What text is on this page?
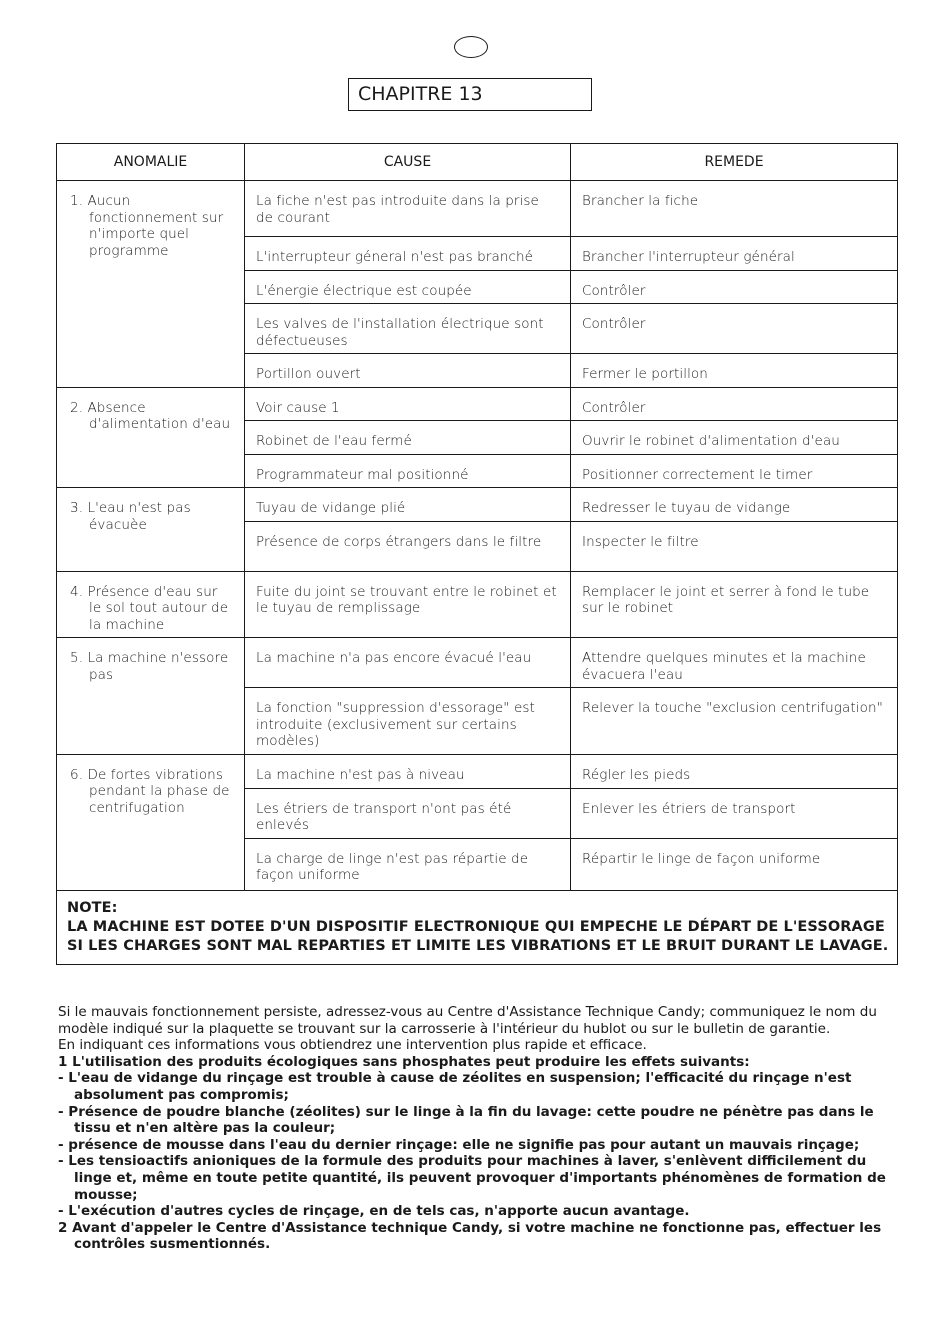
CHAPITRE 13
ANOMALIE	CAUSE	REMEDE

1. Aucun fonctionnement sur n'importe quel programme	La fiche n'est pas introduite dans la prise de courant	Brancher la fiche
	L'interrupteur géneral n'est pas branché	Brancher l'interrupteur général
	L'énergie électrique est coupée	Contrôler
	Les valves de l'installation électrique sont défectueuses	Contrôler
	Portillon ouvert	Fermer le portillon

2. Absence d'alimentation d'eau	Voir cause 1	Contrôler
	Robinet de l'eau fermé	Ouvrir le robinet d'alimentation d'eau
	Programmateur mal positionné	Positionner correctement le timer

3. L'eau n'est pas évacuèe	Tuyau de vidange plié	Redresser le tuyau de vidange
	Présence de corps étrangers dans le filtre	Inspecter le filtre

4. Présence d'eau sur le sol tout autour de la machine	Fuite du joint se trouvant entre le robinet et le tuyau de remplissage	Remplacer le joint et serrer à fond le tube sur le robinet

5. La machine n'essore pas	La machine n'a pas encore évacué l'eau	Attendre quelques minutes et la machine évacuera l'eau
	La fonction "suppression d'essorage" est introduite (exclusivement sur certains modèles)	Relever la touche "exclusion centrifugation"

6. De fortes vibrations pendant la phase de centrifugation	La machine n'est pas à niveau	Régler les pieds
	Les étriers de transport n'ont pas été enlevés	Enlever les étriers de transport
	La charge de linge n'est pas répartie de façon uniforme	Répartir le linge de façon uniforme

NOTE:
LA MACHINE EST DOTEE D'UN DISPOSITIF ELECTRONIQUE QUI EMPECHE LE DÉPART DE L'ESSORAGE SI LES CHARGES SONT MAL REPARTIES ET LIMITE LES VIBRATIONS ET LE BRUIT DURANT LE LAVAGE.		

Si le mauvais fonctionnement persiste, adressez-vous au Centre d'Assistance Technique Candy; communiquez le nom du modèle indiqué sur la plaquette se trouvant sur la carrosserie à l'intérieur du hublot ou sur le bulletin de garantie.

En indiquant ces informations vous obtiendrez une intervention plus rapide et efficace.

1 L'utilisation des produits écologiques sans phosphates peut produire les effets suivants:

- L'eau de vidange du rinçage est trouble à cause de zéolites en suspension; l'efficacité du rinçage n'est absolument pas compromis;

- Présence de poudre blanche (zéolites) sur le linge à la fin du lavage: cette poudre ne pénètre pas dans le tissu et n'en altère pas la couleur;

- présence de mousse dans l'eau du dernier rinçage: elle ne signifie pas pour autant un mauvais rinçage;

- Les tensioactifs anioniques de la formule des produits pour machines à laver, s'enlèvent difficilement du linge et, même en toute petite quantité, ils peuvent provoquer d'importants phénomènes de formation de mousse;

- L'exécution d'autres cycles de rinçage, en de tels cas, n'apporte aucun avantage.

2 Avant d'appeler le Centre d'Assistance technique Candy, si votre machine ne fonctionne pas, effectuer les contrôles susmentionnés.
